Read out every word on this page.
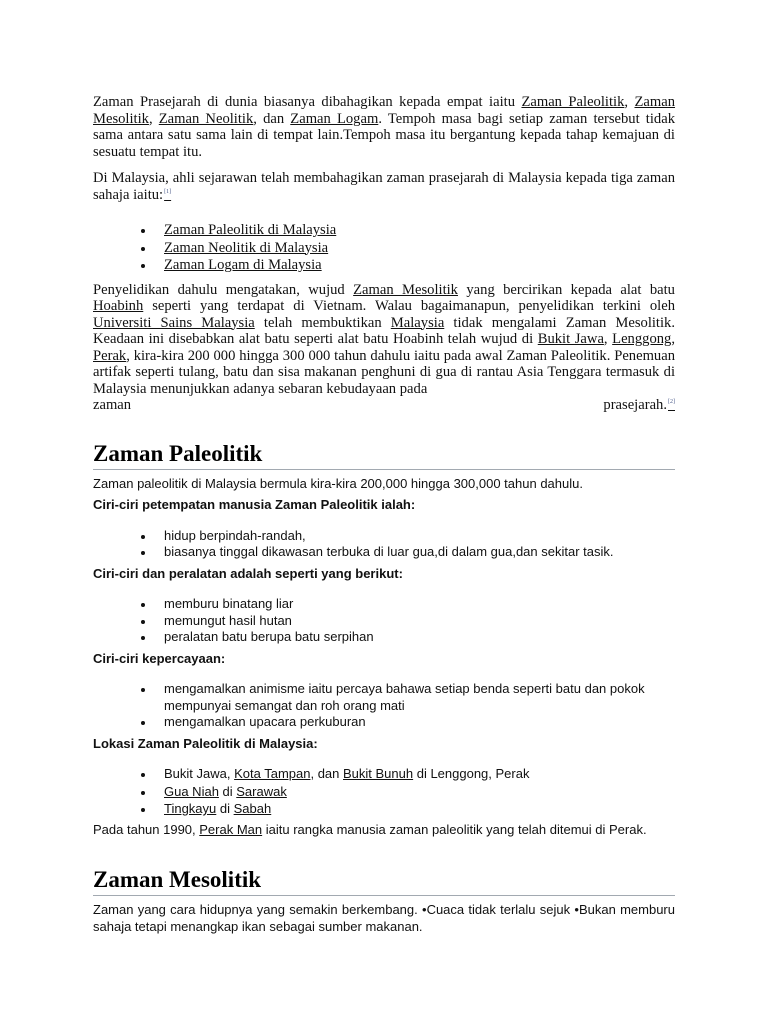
Zaman Prasejarah di dunia biasanya dibahagikan kepada empat iaitu Zaman Paleolitik, Zaman Mesolitik, Zaman Neolitik, dan Zaman Logam. Tempoh masa bagi setiap zaman tersebut tidak sama antara satu sama lain di tempat lain.Tempoh masa itu bergantung kepada tahap kemajuan di sesuatu tempat itu.

Di Malaysia, ahli sejarawan telah membahagikan zaman prasejarah di Malaysia kepada tiga zaman sahaja iaitu:[1]

Zaman Paleolitik di Malaysia
Zaman Neolitik di Malaysia
Zaman Logam di Malaysia

Penyelidikan dahulu mengatakan, wujud Zaman Mesolitik yang bercirikan kepada alat batu Hoabinh seperti yang terdapat di Vietnam. Walau bagaimanapun, penyelidikan terkini oleh Universiti Sains Malaysia telah membuktikan Malaysia tidak mengalami Zaman Mesolitik. Keadaan ini disebabkan alat batu seperti alat batu Hoabinh telah wujud di Bukit Jawa, Lenggong, Perak, kira-kira 200 000 hingga 300 000 tahun dahulu iaitu pada awal Zaman Paleolitik. Penemuan artifak seperti tulang, batu dan sisa makanan penghuni di gua di rantau Asia Tenggara termasuk di Malaysia menunjukkan adanya sebaran kebudayaan pada

zaman	prasejarah.[2]
Zaman Paleolitik

Zaman paleolitik di Malaysia bermula kira-kira 200,000 hingga 300,000 tahun dahulu.

Ciri-ciri petempatan manusia Zaman Paleolitik ialah:

hidup berpindah-randah,
biasanya tinggal dikawasan terbuka di luar gua,di dalam gua,dan sekitar tasik.

Ciri-ciri dan peralatan adalah seperti yang berikut:

memburu binatang liar
memungut hasil hutan
peralatan batu berupa batu serpihan

Ciri-ciri kepercayaan:

mengamalkan animisme iaitu percaya bahawa setiap benda seperti batu dan pokok mempunyai semangat dan roh orang mati
mengamalkan upacara perkuburan

Lokasi Zaman Paleolitik di Malaysia:

Bukit Jawa, Kota Tampan, dan Bukit Bunuh di Lenggong, Perak
Gua Niah di Sarawak
Tingkayu di Sabah

Pada tahun 1990, Perak Man iaitu rangka manusia zaman paleolitik yang telah ditemui di Perak.

Zaman Mesolitik

Zaman yang cara hidupnya yang semakin berkembang. •Cuaca tidak terlalu sejuk •Bukan memburu sahaja tetapi menangkap ikan sebagai sumber makanan.
